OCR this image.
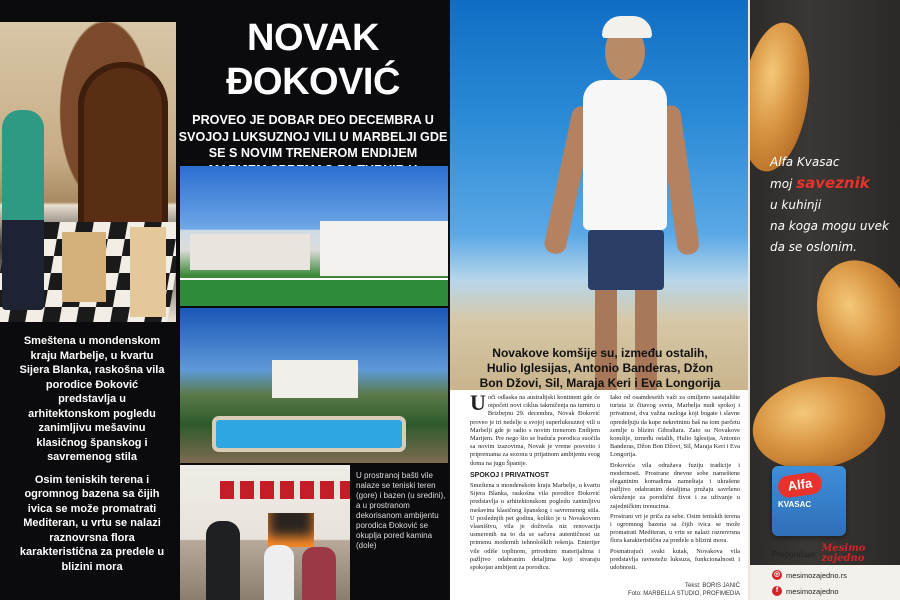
NOVAK ĐOKOVIĆ

PROVEO JE DOBAR DEO DECEMBRA U SVOJOJ LUKSUZNOJ VILI U MARBELJI GDE SE S NOVIM TRENEROM ENDIJEM

Smeštena u mondenskom kraju Marbelje, u kvartu Sijera Blanka, raskošna vila porodice Đoković predstavlja u arhitektonskom pogledu zanimljivu mešavinu klasičnog španskog i savremenog stila

Osim teniskih terena i ogromnog bazena sa čijih ivica se može promatrati Mediteran, u vrtu se nalazi raznovrsna flora karakteristična za predele u blizini mora

U prostranoj bašti vile nalaze se teniski teren (gore) i bazen (u sredini), a u prostranom dekorisanom ambijentu porodica Đoković se okuplja pored kamina (dole)

Novakove komšije su, između ostalih, Hulio Iglesijas, Antonio Banderas, Džon Bon Džovi, Sil, Maraja Keri i Eva Longorija

Uoči odlaska na australijski kontinent gde će otpočeti novi ciklus takmičenja na turniru u Brizbejnu 29. decembra, Novak Đoković proveo je tri nedelje u svojoj superluksuznoj vili u Marbelji gde je radio s novim trenerom Endijem Marijem. Pre nego što se buduća porodica suočila sa novim izazovima, Novak je vreme posvetio i pripremama za sezonu u prijatnom ambijentu svog doma na jugu Španije.

SPOKOJ I PRIVATNOST

Smeštena u mondenskom kraju Marbelje, u kvartu Sijera Blanka, raskošna vila porodice Đoković predstavlja u arhitektonskom pogledu zanimljivu mešavinu klasičnog španskog i savremenog stila. U poslednjih pet godina, koliko je u Novakovom vlasništvu, vila je doživela niz renovacija usmerenih na to da se sačuva autentičnost uz primenu modernih tehnoloških rešenja. Enterijer vile odiše toplinom, prirodnim materijalima i pažljivo odabranim detaljima koji stvaraju spokojan ambijent za porodicu.

Iako od osamdesetih važi za omiljeno sastajalište turista iz čitavog sveta, Marbelja nudi spokoj i privatnost, dva važna razloga koji bogate i slavne opredeljuju da kupe nekretninu baš na tom parčetu zemlje u blizini Gibraltara. Zato su Novakove komšije, između ostalih, Hulio Iglesijas, Antonio Banderas, Džon Bon Džovi, Sil, Maraja Keri i Eva Longorija.

Đokovića vila odražava fuziju tradicije i modernosti. Prostrane dnevne sobe nameštene elegantnim komadima nameštaja i ukrašene pažljivo odabranim detaljima pružaju savršeno okruženje za porodični život i za uživanje u zajedničkim trenucima.

Prostrani vrt je priča za sebe. Osim teniskih terena i ogromnog bazena sa čijih ivica se može promatrati Mediteran, u vrtu se nalazi raznovrsna flora karakteristična za predele u blizini mora.

Posmatrajući svaki kutak, Novakova vila predstavlja ravnotežu luksuza, funkcionalnosti i udobnosti.

Tekst: BORIS JANIĆ
Foto: MARBELLA STUDIO, PROFIMEDIA
Alfa Kvasac
moj saveznik
u kuhinji
na koga mogu uvek
da se oslonim.
Alfa
KVASAC
Preporučuje: Mesimo zajedno
◎ mesimozajedno.rs
f	mesimozajedno
